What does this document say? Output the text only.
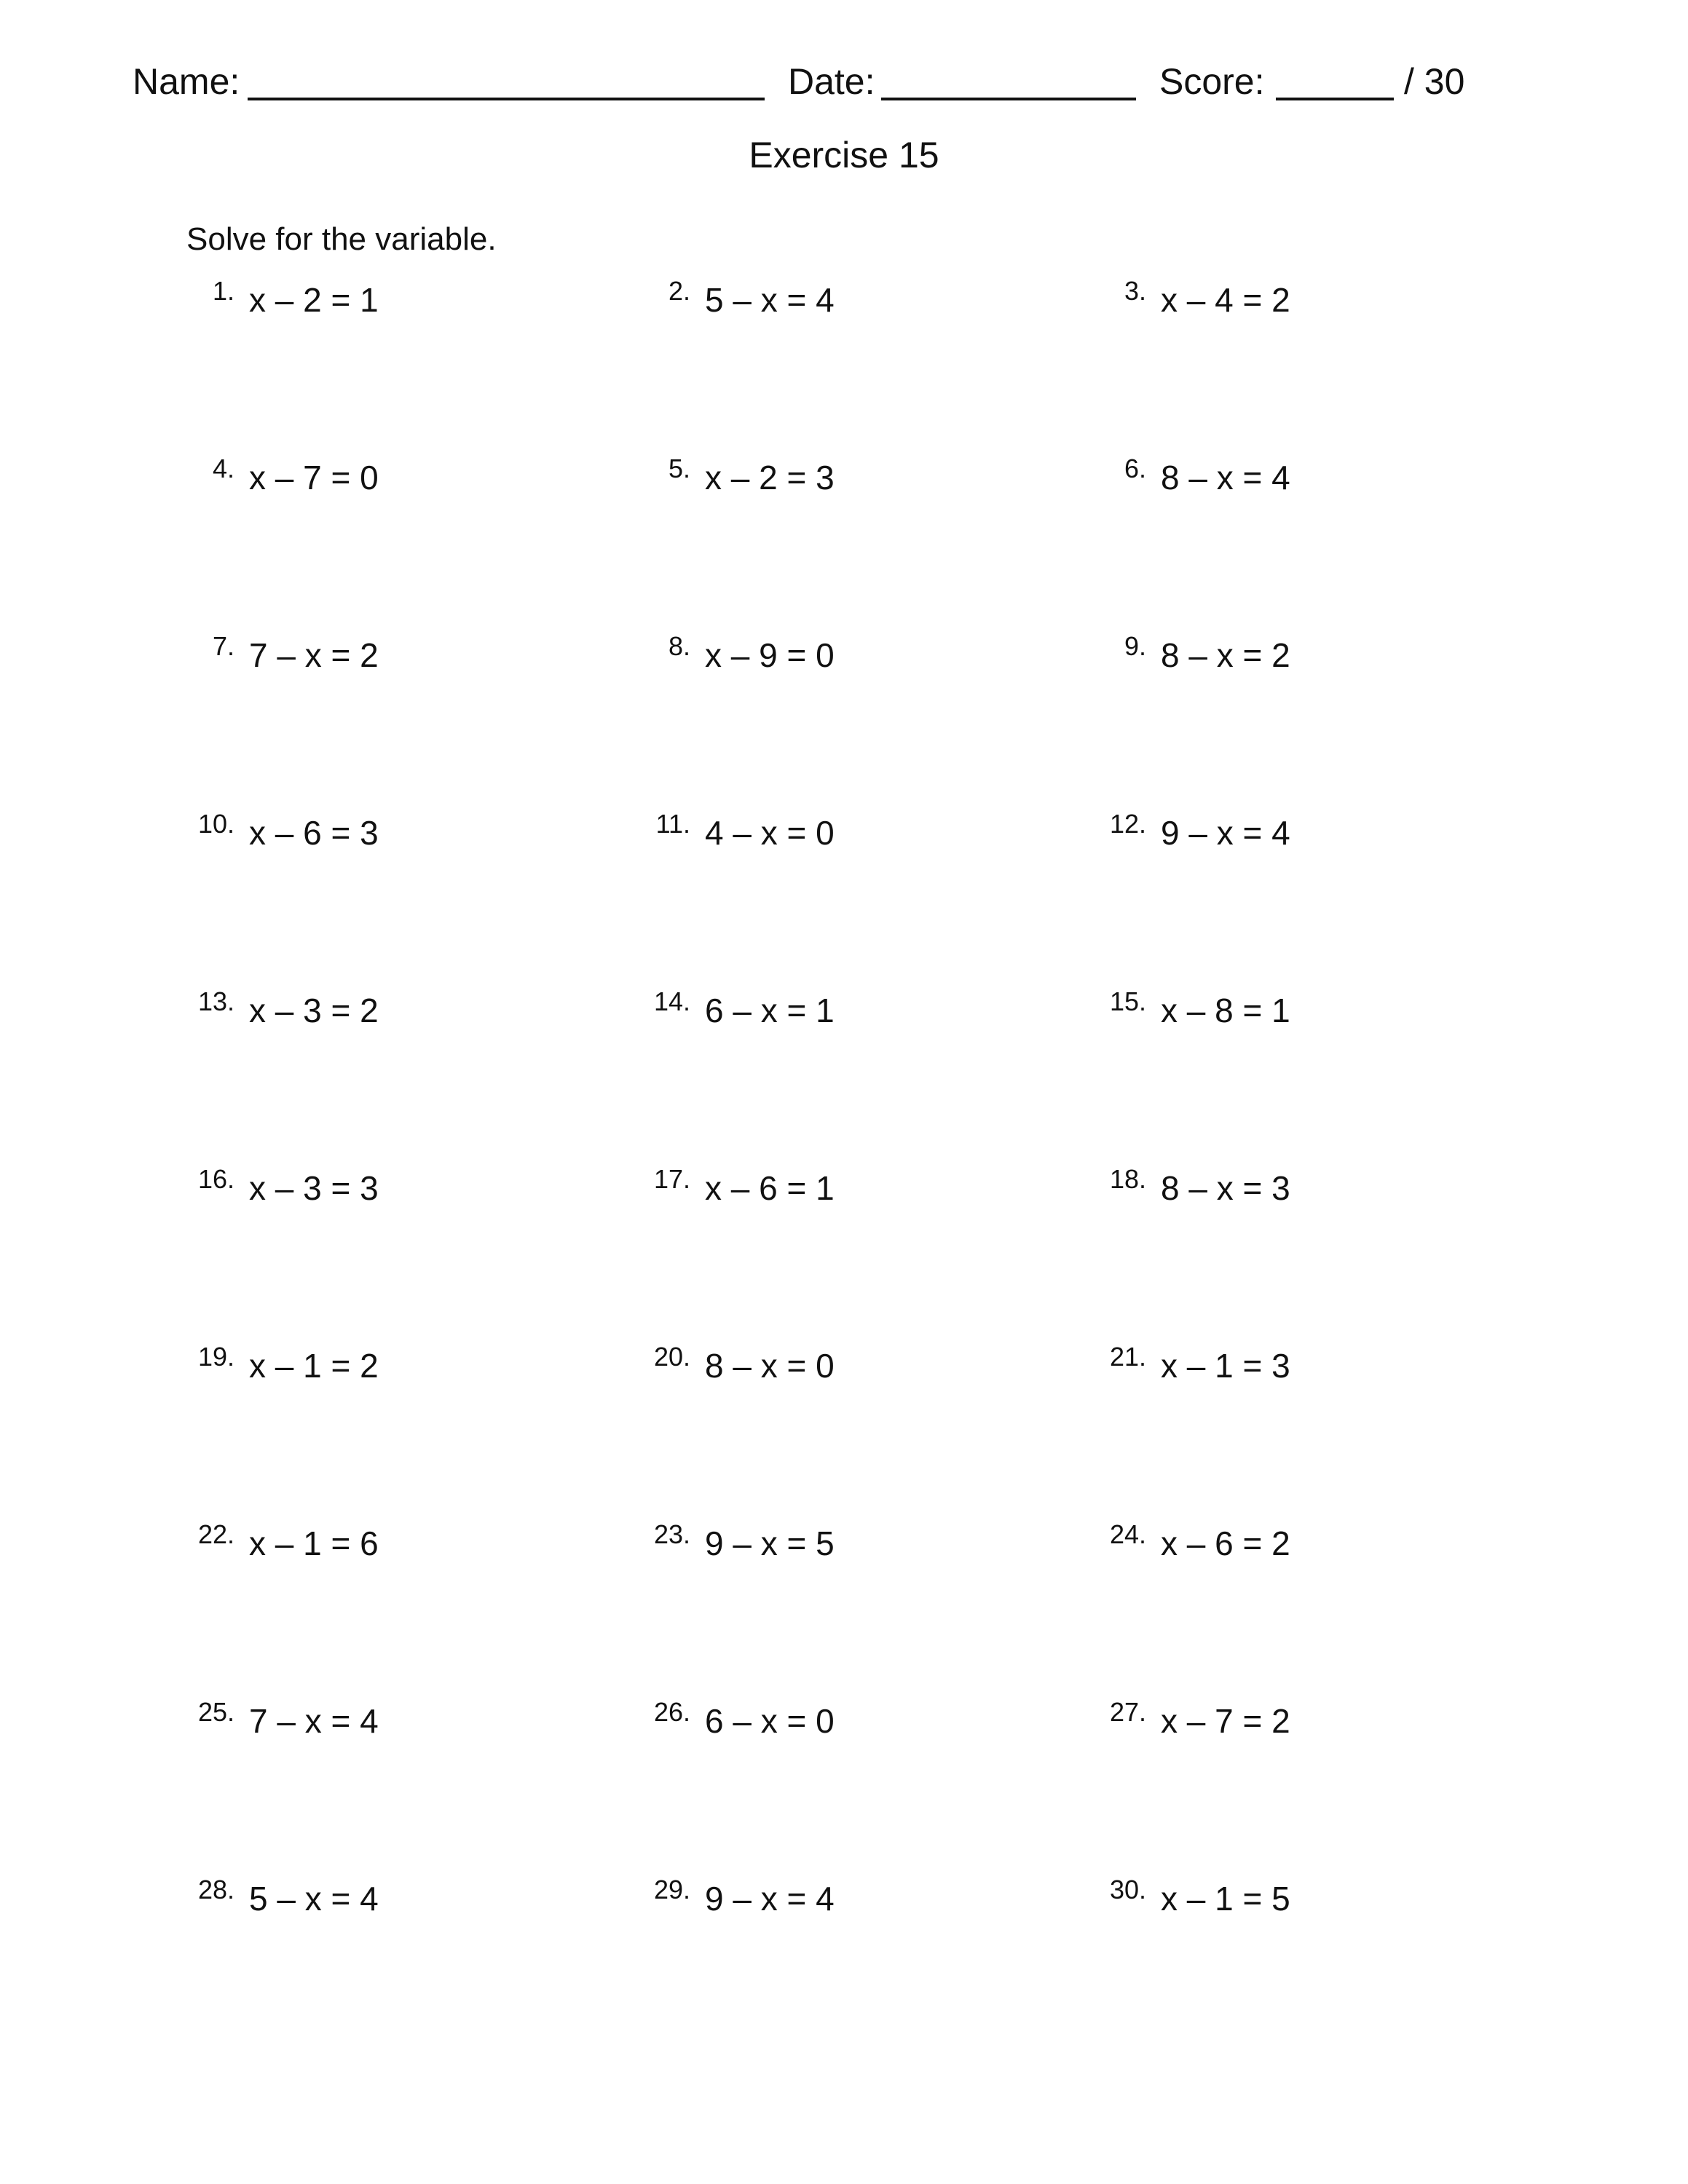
Name:	Date:	Score:	/ 30
Exercise 15
Solve for the variable.
1. x – 2 = 1	2. 5 – x = 4	3. x – 4 = 2
4. x – 7 = 0	5. x – 2 = 3	6. 8 – x = 4
7. 7 – x = 2	8. x – 9 = 0	9. 8 – x = 2
10. x – 6 = 3	11. 4 – x = 0	12. 9 – x = 4
13. x – 3 = 2	14. 6 – x = 1	15. x – 8 = 1
16. x – 3 = 3	17. x – 6 = 1	18. 8 – x = 3
19. x – 1 = 2	20. 8 – x = 0	21. x – 1 = 3
22. x – 1 = 6	23. 9 – x = 5	24. x – 6 = 2
25. 7 – x = 4	26. 6 – x = 0	27. x – 7 = 2
28. 5 – x = 4	29. 9 – x = 4	30. x – 1 = 5
